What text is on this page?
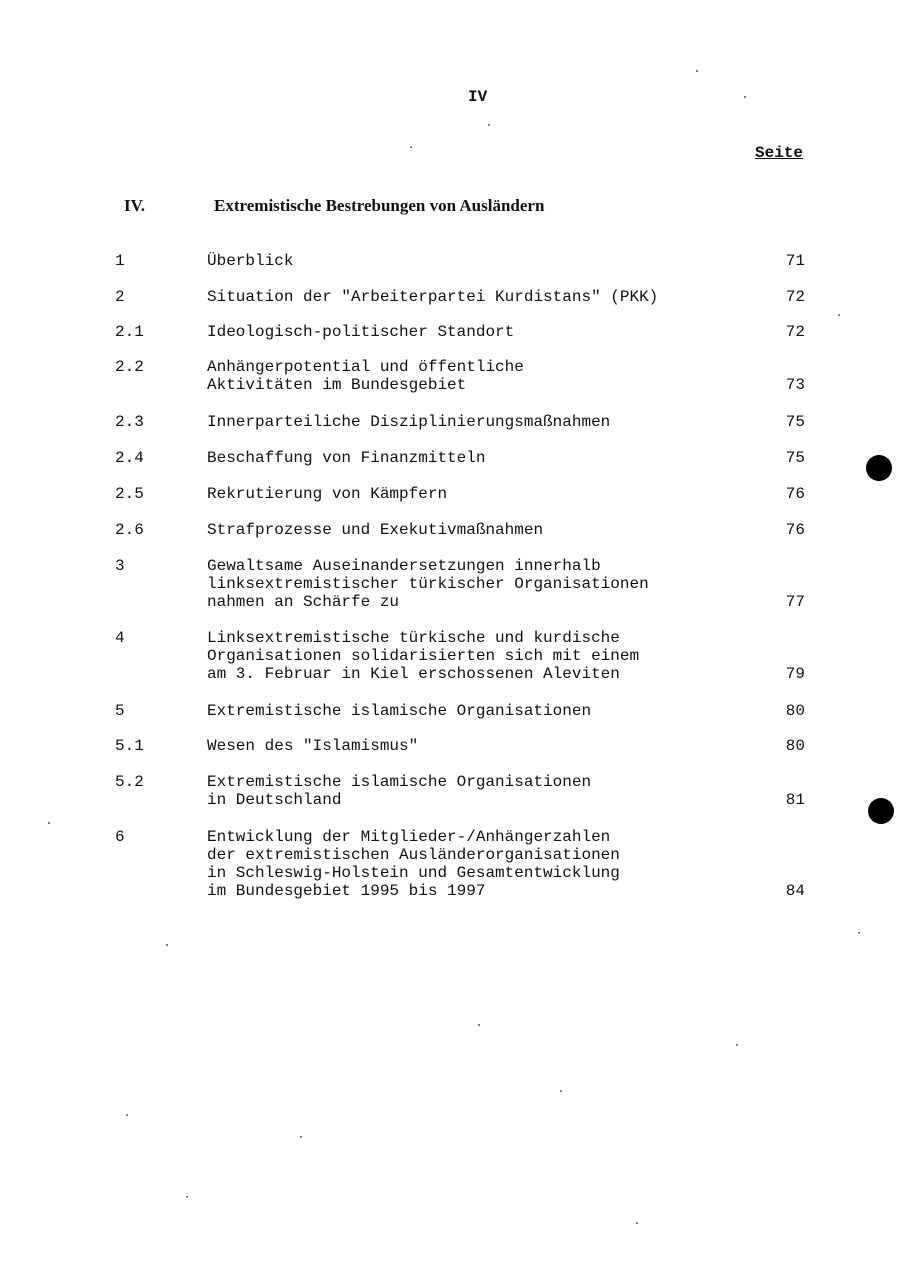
IV
Seite
IV.	Extremistische Bestrebungen von Ausländern
1	Überblick	71
2	Situation der "Arbeiterpartei Kurdistans" (PKK)	72
2.1	Ideologisch-politischer Standort	72
2.2	Anhängerpotential und öffentliche
Aktivitäten im Bundesgebiet	73
2.3	Innerparteiliche Disziplinierungsmaßnahmen	75
2.4	Beschaffung von Finanzmitteln	75
2.5	Rekrutierung von Kämpfern	76
2.6	Strafprozesse und Exekutivmaßnahmen	76
3	Gewaltsame Auseinandersetzungen innerhalb
linksextremistischer türkischer Organisationen
nahmen an Schärfe zu	77
4	Linksextremistische türkische und kurdische
Organisationen solidarisierten sich mit einem
am 3. Februar in Kiel erschossenen Aleviten	79
5	Extremistische islamische Organisationen	80
5.1	Wesen des "Islamismus"	80
5.2	Extremistische islamische Organisationen
in Deutschland	81
6	Entwicklung der Mitglieder-/Anhängerzahlen
der extremistischen Ausländerorganisationen
in Schleswig-Holstein und Gesamtentwicklung
im Bundesgebiet 1995 bis 1997	84
